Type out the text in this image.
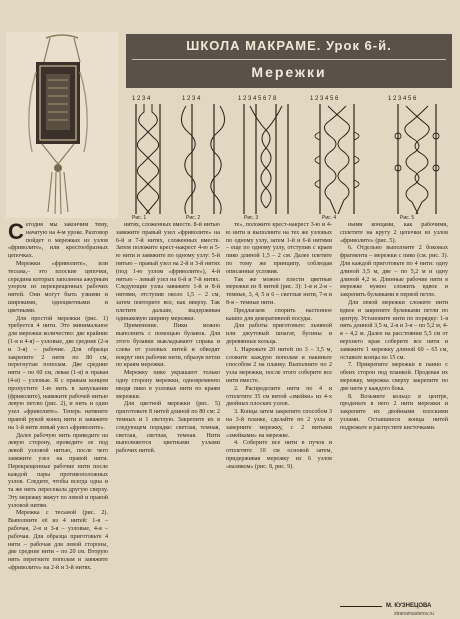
ШКОЛА МАКРАМЕ. Урок 6-й.
Мережки
1 2 3 4
Рис. 1
1 2 3 4
Рис. 2
1 2 3 4 5 6 7 8
Рис. 3
1 2 3 4 5 6
Рис. 4
1 2 3 4 5 6
Рис. 5

Сегодня мы закончим тему, начатую на 4-м уроке. Разговор пойдет о мережках из узлов «фриволите», или крестообразных цепочках.

Мережки «фриволите», или тесьма,– это плоские цепочки, середина которых заполнена ажурным узором из перекрещенных рабочих нитей. Они могут быть узкими и широкими, одноцветными и цветными.

Для простой мережки (рис. 1) требуется 4 нити. Это минимальное для мережки количество: две крайние (1-я и 4-я) – узловые, две средние (2-я и 3-я) – рабочие. Для образца закрепите 2 нити по 80 см, перегнутые пополам. Две средние нити – по 60 см, левая (1-я) и правая (4-я) – узловые. Я с правым концом пропустите 1-ю нить в запускании (фриволите), навяжите рабочей нитью левую петлю (рис. 2), и нить и один узел «фриволите». Теперь натяните правой рукой конец нити и завяжите на 1-й нити левый узел «фриволите».

Далее рабочую нить приведите на левую сторону, проведите ее под левой узловой нитью, после чего завяжите узел на правой нити. Перекрещенные рабочие нити после каждой пары противоположных узлов. Следите, чтобы всегда одна и та же нить пересекала другую сверху. Эту мережку вяжут по левой и правой узловой нитям.

Мережка с тесьмой (рис. 2). Выполните её из 4 нитей: 1-я – рабочая, 2-я и 3-я – узловые, 4-я – рабочая. Для образца приготовьте 4 нити – рабочая для левой стороны, две средние нити – по 20 см. Вторую нить перегните пополам и завяжите «фриволите» на 2-й и 3-й нитях.

нитях, сложенных вместе. 8-й нитью завяжите правый узел «фриволите» на 6-й и 7-й нитях, сложенных вместе. Затем положите крест-накрест 4-ю и 5-ю нити и завяжите по одному узлу: 5-й нитью – правый узел на 2-й и 3-й нитях (под 1-ю узлом «фриволите»), 4-й нитью – левый узел на 6-й и 7-й нитях. Следующие узлы завяжите 1-й и 8-й нитями, отступив около 1,5 – 2 см, затем повторите все, как вверху. Так плетите дальше, выдерживая одинаковую ширину мережки.

Применение. Пики можно выполнить с помощью булавок. Для этого булавки выкладывают справа и слева от узловых нитей и обводят вокруг них рабочие нити, образуя петли по краям мережки.

Мережку пико украшают только одну сторону мережки, одновременно вводя пико в узловые нити по краям мережки.

Для цветной мережки (рис. 5) приготовьте 8 нитей длиной по 80 см: 2 темных и 1 светлую. Закрепите их в следующем порядке: светлая, темная, светлая, светлая, темная. Нити выполняются цветными узлами рабочих нитей.

те», положите крест-накрест 3-ю и 4-ю нити и выполните на тех же узловых по одному узлу, затем 1-й и 6-й нитями – еще по одному узлу, отступив с краев пико длиной 1,5 – 2 см. Далее плетите по тому же принципу, соблюдая описанные условия.

Так же можно плести цветные мережки из 8 нитей (рис. 3): 1-я и 2-я – темные, 3, 4, 5 и 6 – светлые нити, 7-я и 8-я – темные нити.

Предлагаем спорить настенное кашпо для декоративной посуды.

Для работы приготовьте: льняной или джутовый шпагат, бусины и деревянные кольца.

1. Нарежьте 20 нитей по 3 – 3,5 м, сложите каждую пополам и накиньте способом 2 на планку. Выполните по 2 узла мережки, после этого соберите все нити вместе.

2. Распределите нити по 4 и отплетите 35 см витой «змейки» из 4-х двойных плоских узлов.

3. Концы затем закрепите способом 3 на 3-й планке, сделайте по 2 узла и заверните мережку, с 2 витыми «змейками» на мережке.

4. Соберите все нити в пучок и отплетите 10 см основой затем, придерживая мережку из 6 узлов «валиком» (рис. 8, рис. 9).

ными концами, как рабочими, сплетите на кругу 2 цепочки из узлов «фриволите» (рис. 5).

6. Отдельно выполните 2 боковых фрагмента – мережки с пико (см. рис. 3). Для каждой приготовьте по 4 нити: одну длиной 3,5 м, две – по 5,2 м и одну длиной 4,2 м. Длинные рабочие нити в мережке нужно сложить вдвое и закрепить булавками в первой петле.

Для левой мережки сложите нити вдвое и закрепите булавками петли по центру. Установите нити по порядку: 1-я нить длиной 3,5 м, 2-я и 3-я – по 5,2 м, 4-я – 4,2 м. Далее на расстоянии 5,5 см от верхнего края соберите все нити и завяжите 1 мережку длиной 60 – 65 см, оставьте концы по 15 см.

7. Прикрепите мережки в панно с обеих сторон под планкой. Продевая их мережку, мережка сверху закрепите по две нити у каждого бока.

8. Возьмите кольцо в центре, проденьте в него 2 нити мережки и закрепите их двойными плоскими узлами. Оставшиеся концы нитей подрежьте и распустите кисточками.

М. КУЗНЕЦОВА
stranamasterov.ru
